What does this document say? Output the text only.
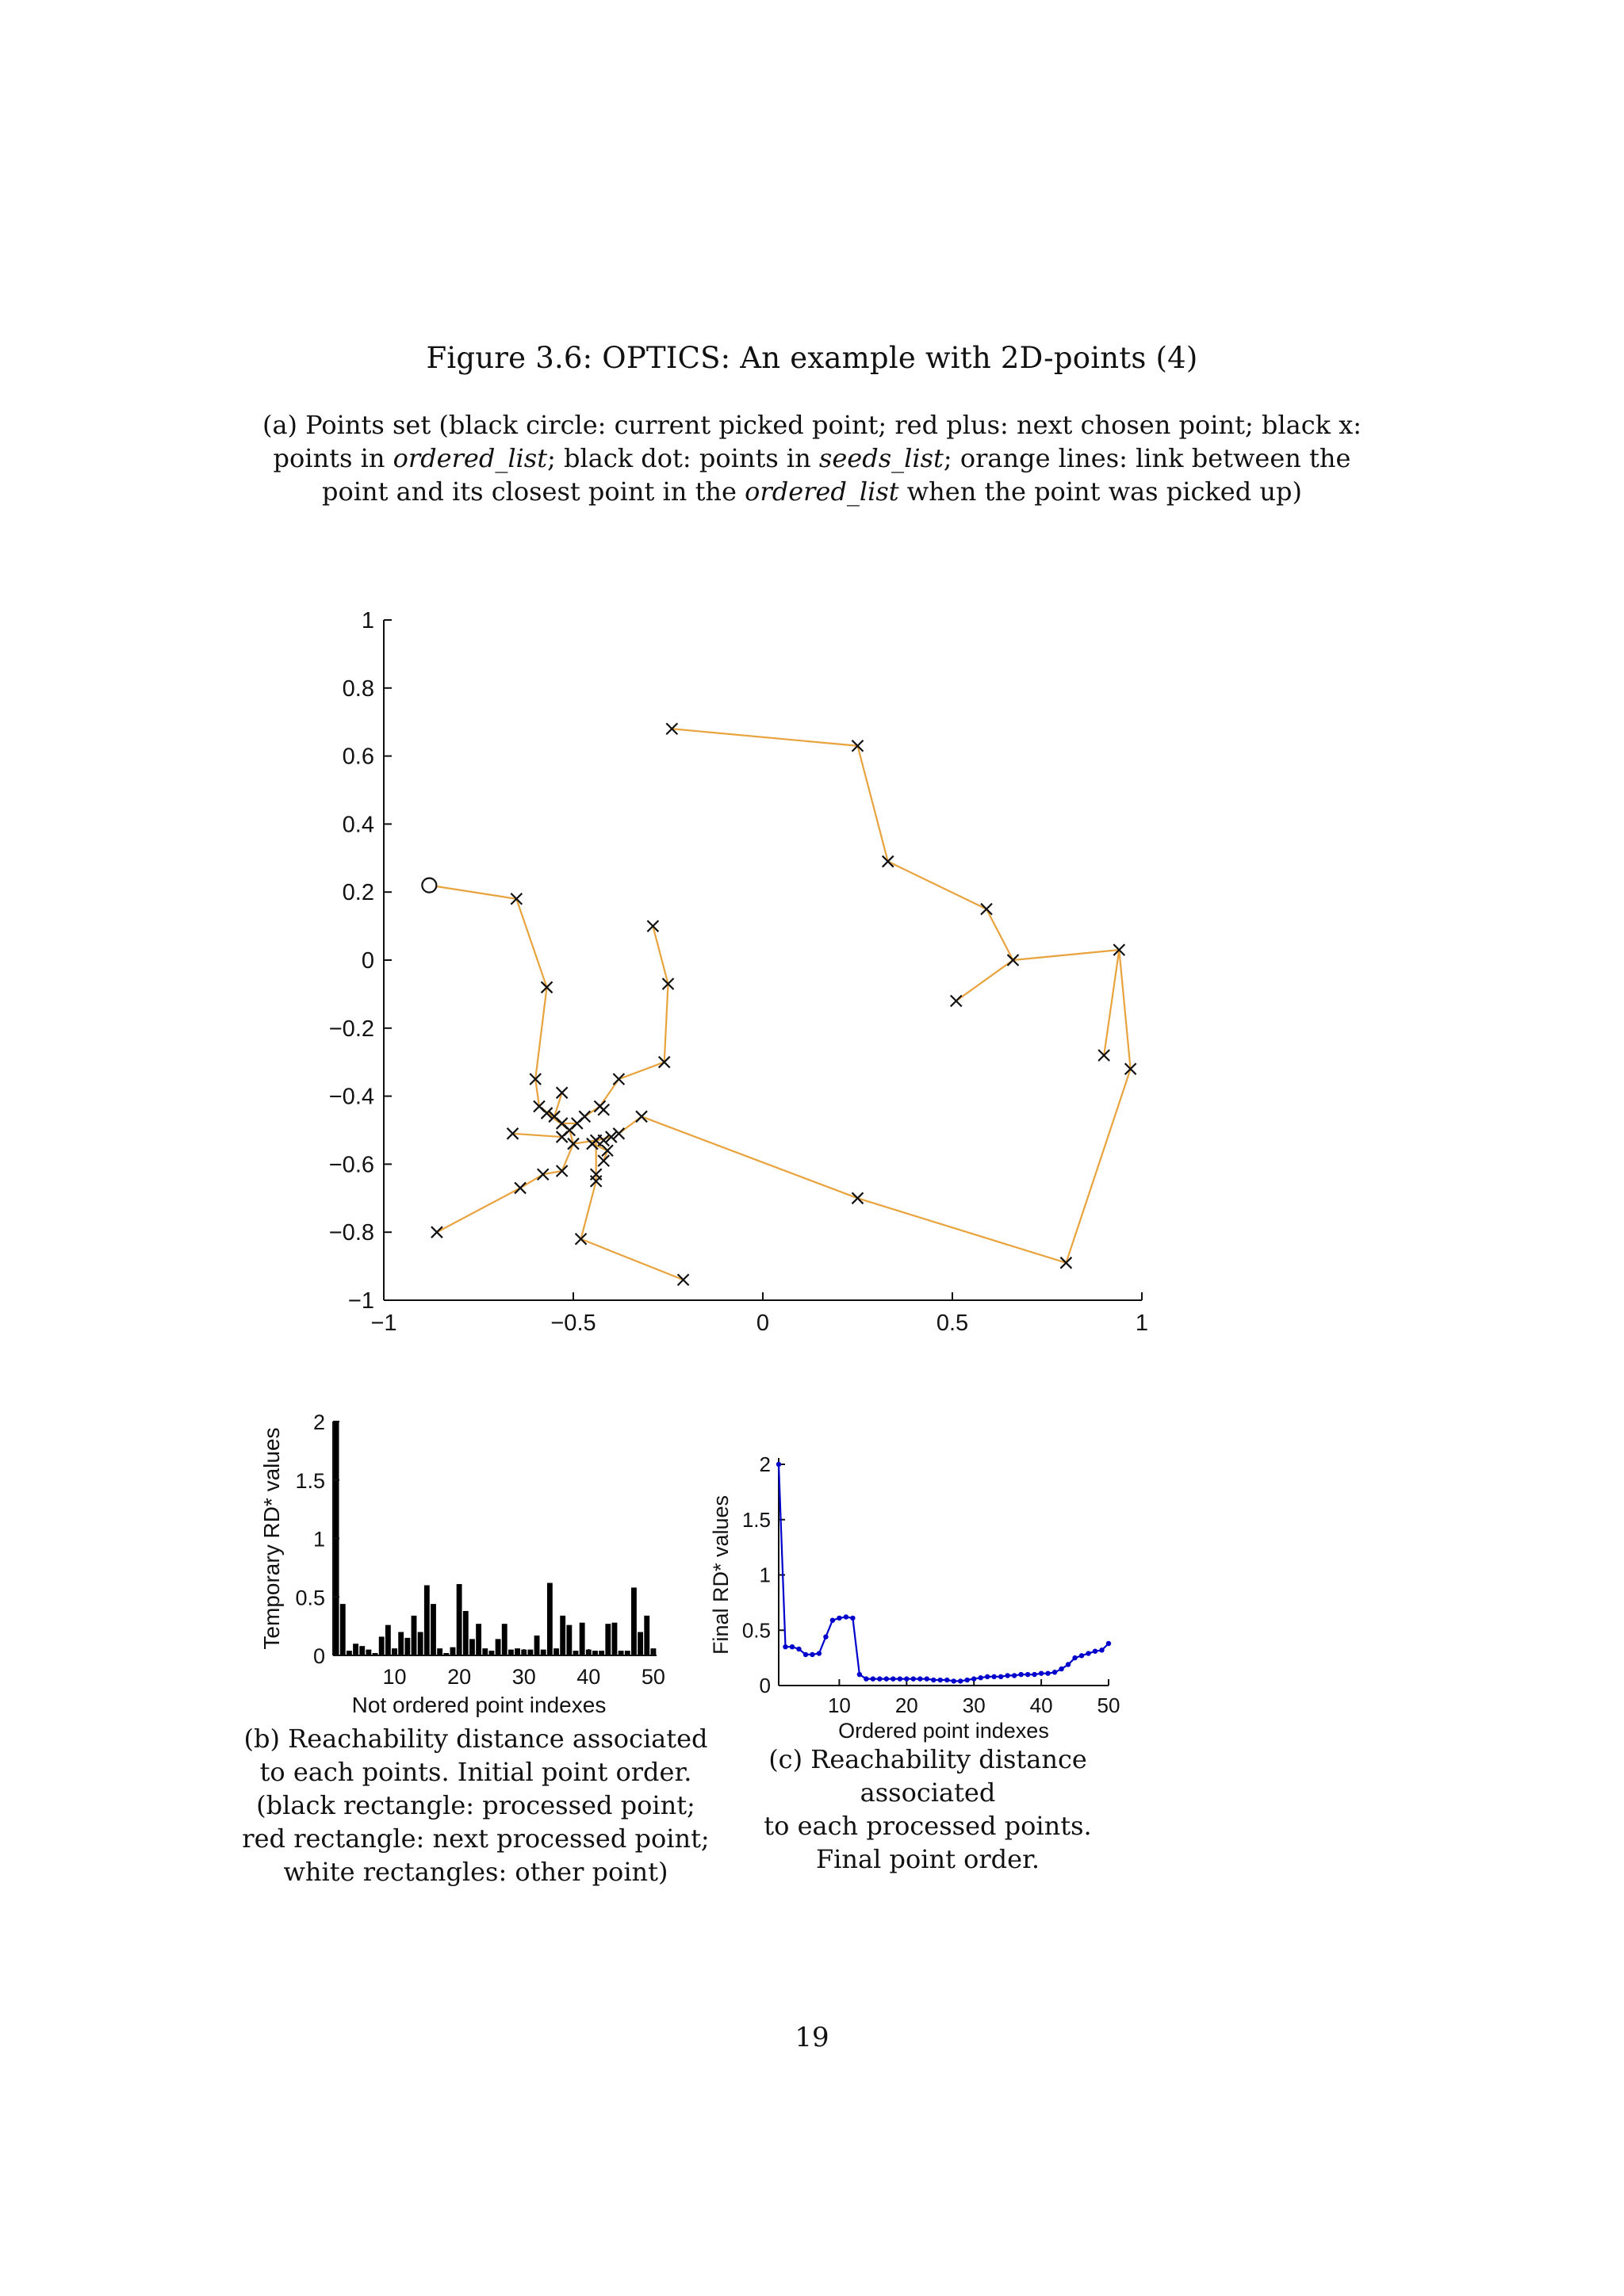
Figure 3.6: OPTICS: An example with 2D-points (4)
(a) Points set (black circle: current picked point; red plus: next chosen point; black x: points in ordered_list; black dot: points in seeds_list; orange lines: link between the point and its closest point in the ordered_list when the point was picked up)
1
0.8
0.6
0.4
0.2
0
−0.2
−0.4
−0.6
−0.8
−1
−1	−0.5	0	0.5	1
0
0.5
1
1.5
2
10 20 30 40 50
Not ordered point indexes
Temporary RD* values
0
0.5
1
1.5
2
10 20 30 40 50
Ordered point indexes
Final RD* values
(b) Reachability distance associated
to each points. Initial point order.
(black rectangle: processed point;
red rectangle: next processed point;
white rectangles: other point)
(c) Reachability distance associated
to each processed points.
Final point order.
19
